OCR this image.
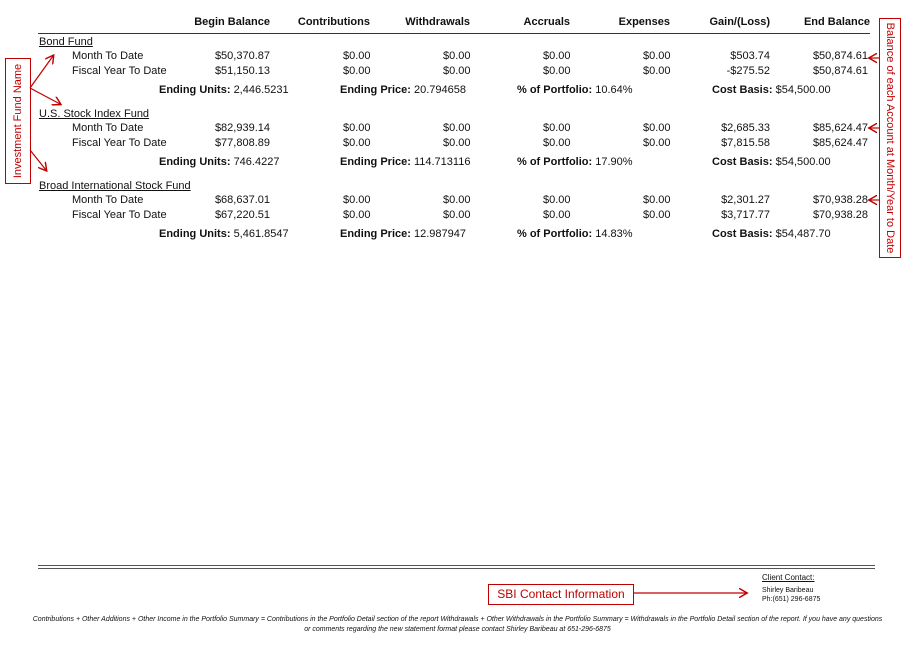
Begin Balance	Contributions	Withdrawals	Accruals	Expenses	Gain/(Loss)	End Balance
Bond Fund
Month To Date	$50,370.87	$0.00	$0.00	$0.00	$0.00	$503.74	$50,874.61
Fiscal Year To Date	$51,150.13	$0.00	$0.00	$0.00	$0.00	-$275.52	$50,874.61
Ending Units: 2,446.5231	Ending Price: 20.794658	% of Portfolio: 10.64%	Cost Basis: $54,500.00
U.S. Stock Index Fund
Month To Date	$82,939.14	$0.00	$0.00	$0.00	$0.00	$2,685.33	$85,624.47
Fiscal Year To Date	$77,808.89	$0.00	$0.00	$0.00	$0.00	$7,815.58	$85,624.47
Ending Units: 746.4227	Ending Price: 114.713116	% of Portfolio: 17.90%	Cost Basis: $54,500.00
Broad International Stock Fund
Month To Date	$68,637.01	$0.00	$0.00	$0.00	$0.00	$2,301.27	$70,938.28
Fiscal Year To Date	$67,220.51	$0.00	$0.00	$0.00	$0.00	$3,717.77	$70,938.28
Ending Units: 5,461.8547	Ending Price: 12.987947	% of Portfolio: 14.83%	Cost Basis: $54,487.70
Investment Fund Name	Balance of each Account at Month/Year to Date
SBI Contact Information
Client Contact:
Shirley Baribeau
Ph:(651) 296-6875
Contributions + Other Additions + Other Income in the Portfolio Summary = Contributions in the Portfolio Detail section of the report Withdrawals + Other Withdrawals in the Portfolio Summary = Withdrawals in the Portfolio Detail section of the report. If you have any questions or comments regarding the new statement format please contact Shirley Baribeau at 651-296-6875
